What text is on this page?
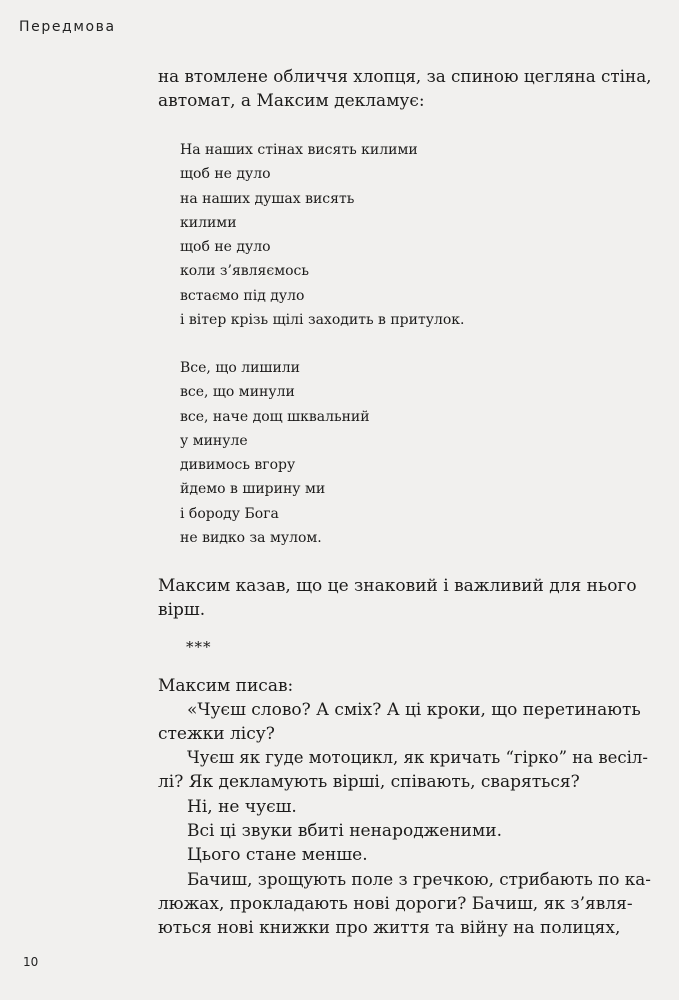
Передмова

на втомлене обличчя хлопця, за спиною цегляна стіна,

автомат, а Максим декламує:

На наших стінах висять килими
щоб не дуло
на наших душах висять
килими
щоб не дуло
коли з’являємось
встаємо під дуло
і вітер крізь щілі заходить в притулок.
Все, що лишили
все, що минули
все, наче дощ шквальний
у минуле
дивимось вгору
йдемо в ширину ми
і бороду Бога
не видко за мулом.

Максим казав, що це знаковий і важливий для нього

вірш.

***

Максим писав:

«Чуєш слово? А сміх? А ці кроки, що перетинають

стежки лісу?

Чуєш як гуде мотоцикл, як кричать “гірко” на весіл-

лі? Як декламують вірші, співають, сваряться?

Ні, не чуєш.

Всі ці звуки вбиті ненародженими.

Цього стане менше.

Бачиш, зрощують поле з гречкою, стрибають по ка-

люжах, прокладають нові дороги? Бачиш, як з’явля-

ються нові книжки про життя та війну на полицях,

10
